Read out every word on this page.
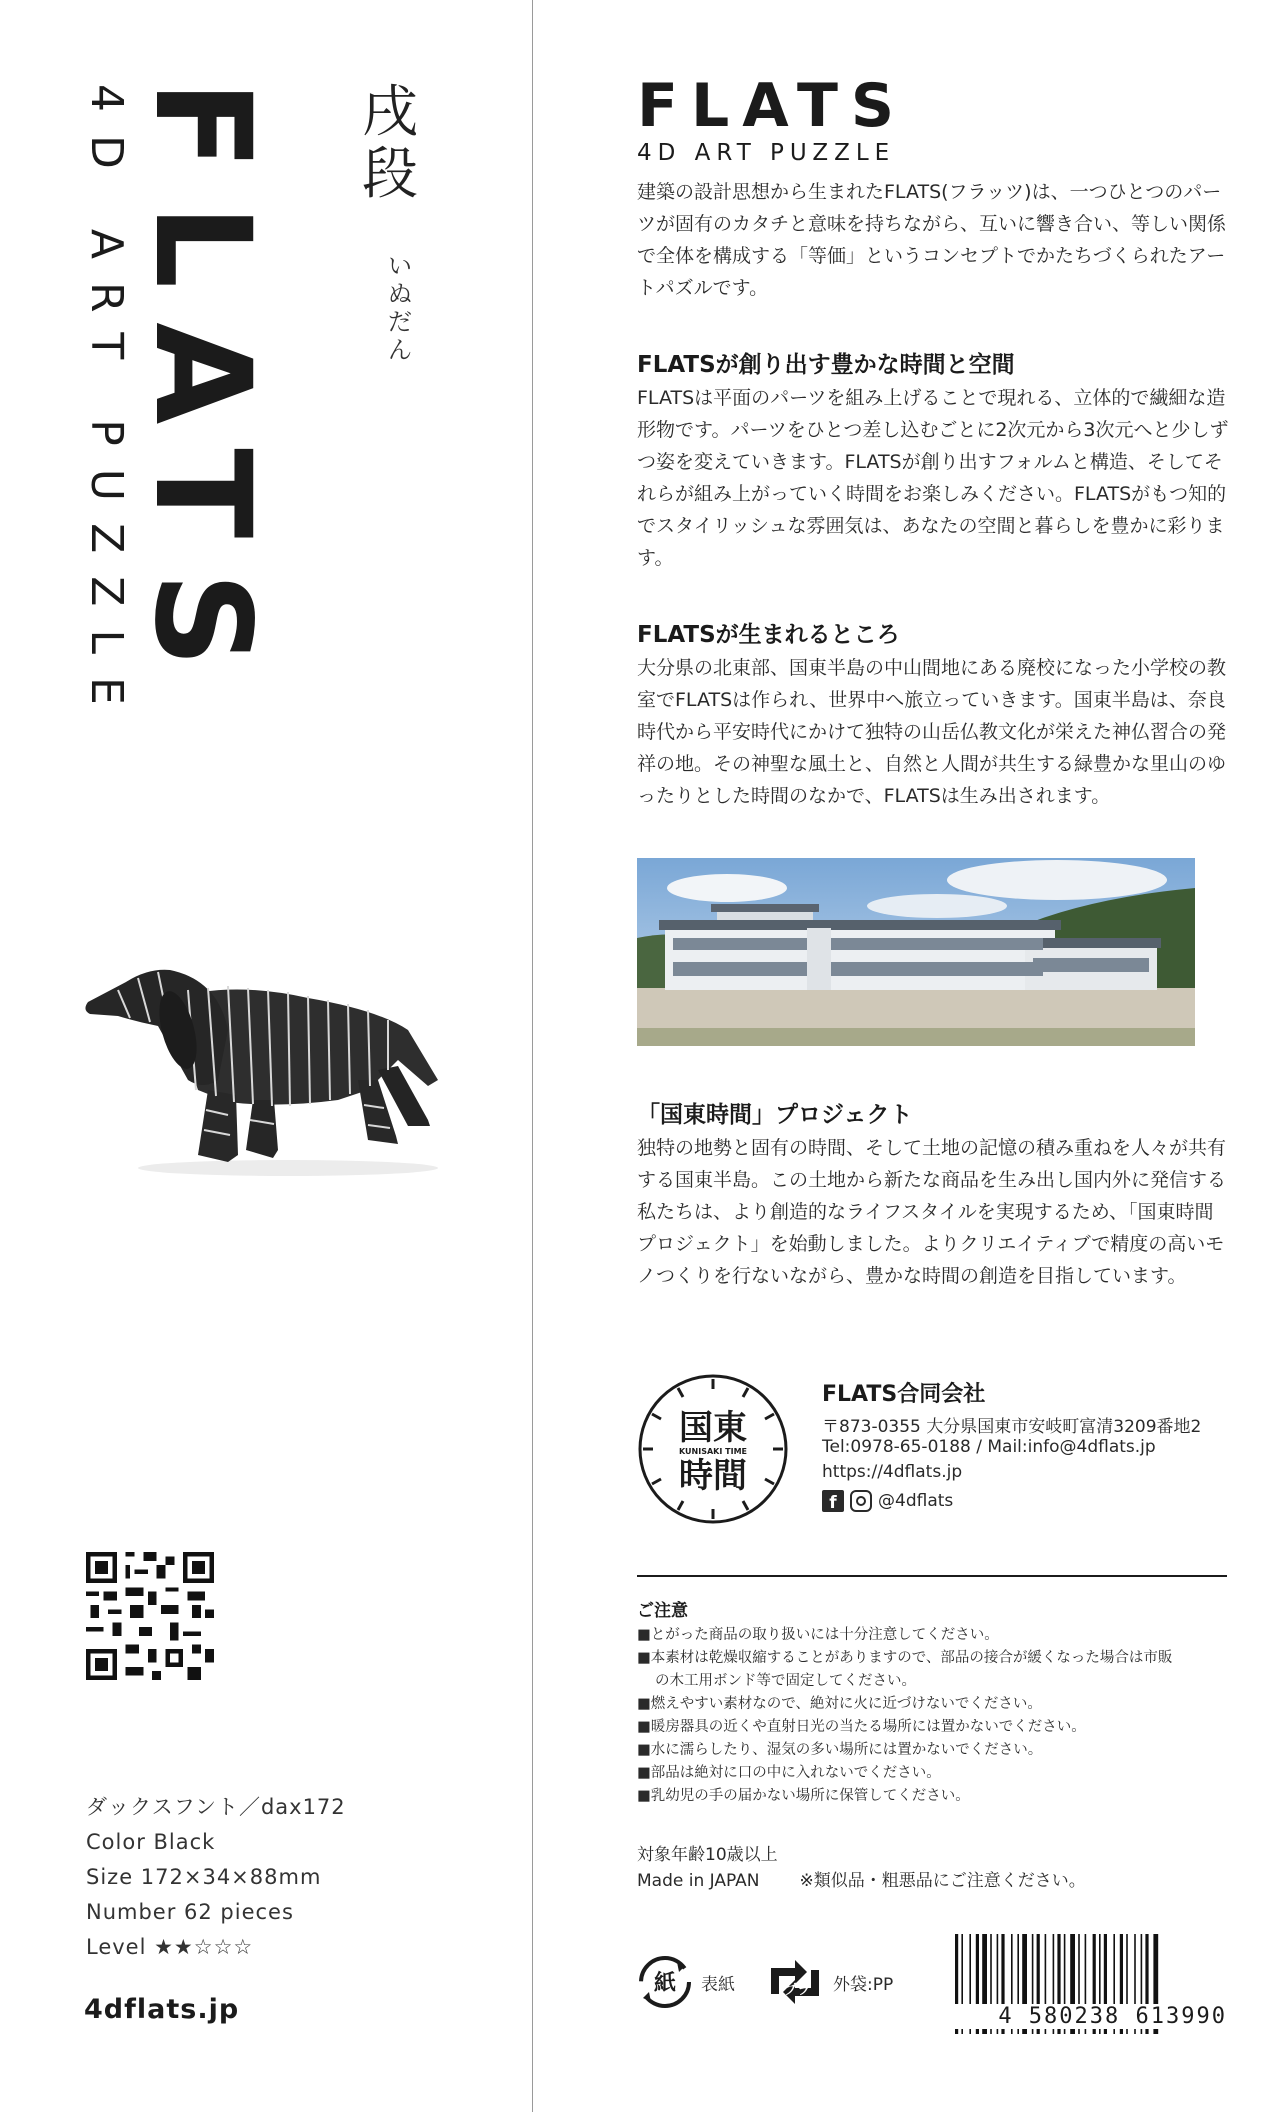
FLATS
4D ART PUZZLE	戌
段
い
ぬ
だ
ん
ダックスフント／dax172
Color Black
Size 172×34×88mm
Number 62 pieces
Level ★★☆☆☆
4dflats.jp
FLATS
4D ART PUZZLE
建築の設計思想から生まれたFLATS(フラッツ)は、一つひとつのパーツが固有のカタチと意味を持ちながら、互いに響き合い、等しい関係で全体を構成する「等価」というコンセプトでかたちづくられたアートパズルです。
FLATSが創り出す豊かな時間と空間
FLATSは平面のパーツを組み上げることで現れる、立体的で繊細な造形物です。パーツをひとつ差し込むごとに2次元から3次元へと少しずつ姿を変えていきます。FLATSが創り出すフォルムと構造、そしてそれらが組み上がっていく時間をお楽しみください。FLATSがもつ知的でスタイリッシュな雰囲気は、あなたの空間と暮らしを豊かに彩ります。
FLATSが生まれるところ
大分県の北東部、国東半島の中山間地にある廃校になった小学校の教室でFLATSは作られ、世界中へ旅立っていきます。国東半島は、奈良時代から平安時代にかけて独特の山岳仏教文化が栄えた神仏習合の発祥の地。その神聖な風土と、自然と人間が共生する緑豊かな里山のゆったりとした時間のなかで、FLATSは生み出されます。
「国東時間」プロジェクト
独特の地勢と固有の時間、そして土地の記憶の積み重ねを人々が共有する国東半島。この土地から新たな商品を生み出し国内外に発信する私たちは、より創造的なライフスタイルを実現するため、「国東時間プロジェクト」を始動しました。よりクリエイティブで精度の高いモノつくりを行ないながら、豊かな時間の創造を目指しています。
国東
KUNISAKI TIME
時間
FLATS合同会社
〒873-0355 大分県国東市安岐町富清3209番地2
Tel:0978-65-0188 / Mail:info@4dflats.jp
https://4dflats.jp
f	@4dflats
ご注意
■とがった商品の取り扱いには十分注意してください。
■本素材は乾燥収縮することがありますので、部品の接合が緩くなった場合は市販
の木工用ボンド等で固定してください。
■燃えやすい素材なので、絶対に火に近づけないでください。
■暖房器具の近くや直射日光の当たる場所には置かないでください。
■水に濡らしたり、湿気の多い場所には置かないでください。
■部品は絶対に口の中に入れないでください。
■乳幼児の手の届かない場所に保管してください。
対象年齢10歳以上
Made in JAPAN ※類似品・粗悪品にご注意ください。
紙 表紙	プラ 外袋:PP
4 580238 613990
